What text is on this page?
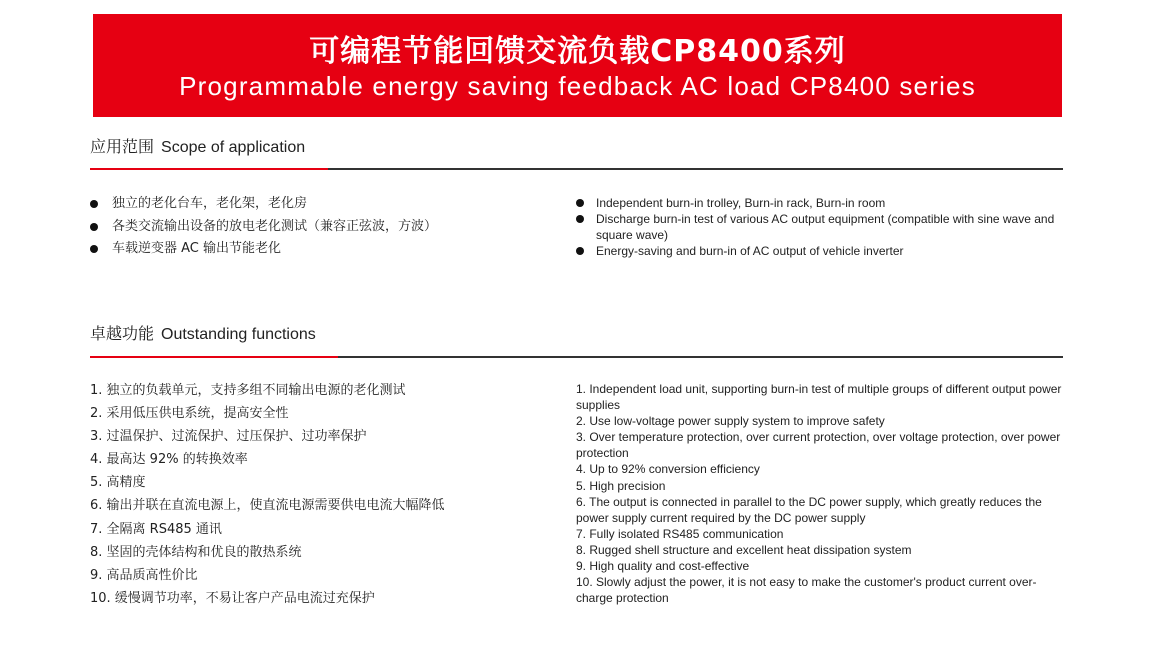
可编程节能回馈交流负载CP8400系列
Programmable energy saving feedback AC load CP8400 series
应用范围 Scope of application
独立的老化台车，老化架，老化房
各类交流输出设备的放电老化测试（兼容正弦波，方波）
车载逆变器 AC 输出节能老化
Independent burn-in trolley, Burn-in rack, Burn-in room
Discharge burn-in test of various AC output equipment (compatible with sine wave and square wave)
Energy-saving and burn-in of AC output of vehicle inverter
卓越功能 Outstanding functions
1. 独立的负载单元，支持多组不同输出电源的老化测试
2. 采用低压供电系统，提高安全性
3. 过温保护、过流保护、过压保护、过功率保护
4. 最高达 92% 的转换效率
5. 高精度
6. 输出并联在直流电源上，使直流电源需要供电电流大幅降低
7. 全隔离 RS485 通讯
8. 坚固的壳体结构和优良的散热系统
9. 高品质高性价比
10. 缓慢调节功率，不易让客户产品电流过充保护
1. Independent load unit, supporting burn-in test of multiple groups of different output power supplies
2. Use low-voltage power supply system to improve safety
3. Over temperature protection, over current protection, over voltage protection, over power protection
4. Up to 92% conversion efficiency
5. High precision
6. The output is connected in parallel to the DC power supply, which greatly reduces the power supply current required by the DC power supply
7. Fully isolated RS485 communication
8. Rugged shell structure and excellent heat dissipation system
9. High quality and cost-effective
10. Slowly adjust the power, it is not easy to make the customer's product current over-charge protection
